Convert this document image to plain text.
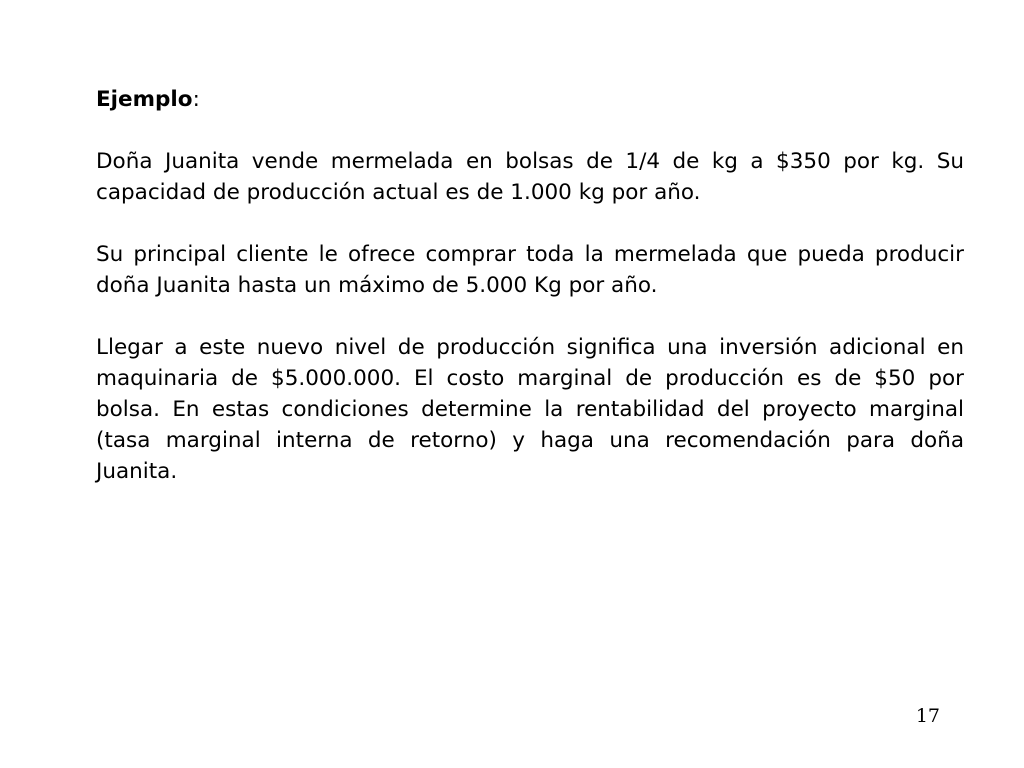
Ejemplo:

Doña Juanita vende mermelada en bolsas de 1/4 de kg a $350 por kg. Su capacidad de producción actual es de 1.000 kg por año.

Su principal cliente le ofrece comprar toda la mermelada que pueda producir doña Juanita hasta un máximo de 5.000 Kg por año.

Llegar a este nuevo nivel de producción significa una inversión adicional en maquinaria de $5.000.000. El costo marginal de producción es de $50 por bolsa. En estas condiciones determine la rentabilidad del proyecto marginal (tasa marginal interna de retorno) y haga una recomendación para doña Juanita.

17
